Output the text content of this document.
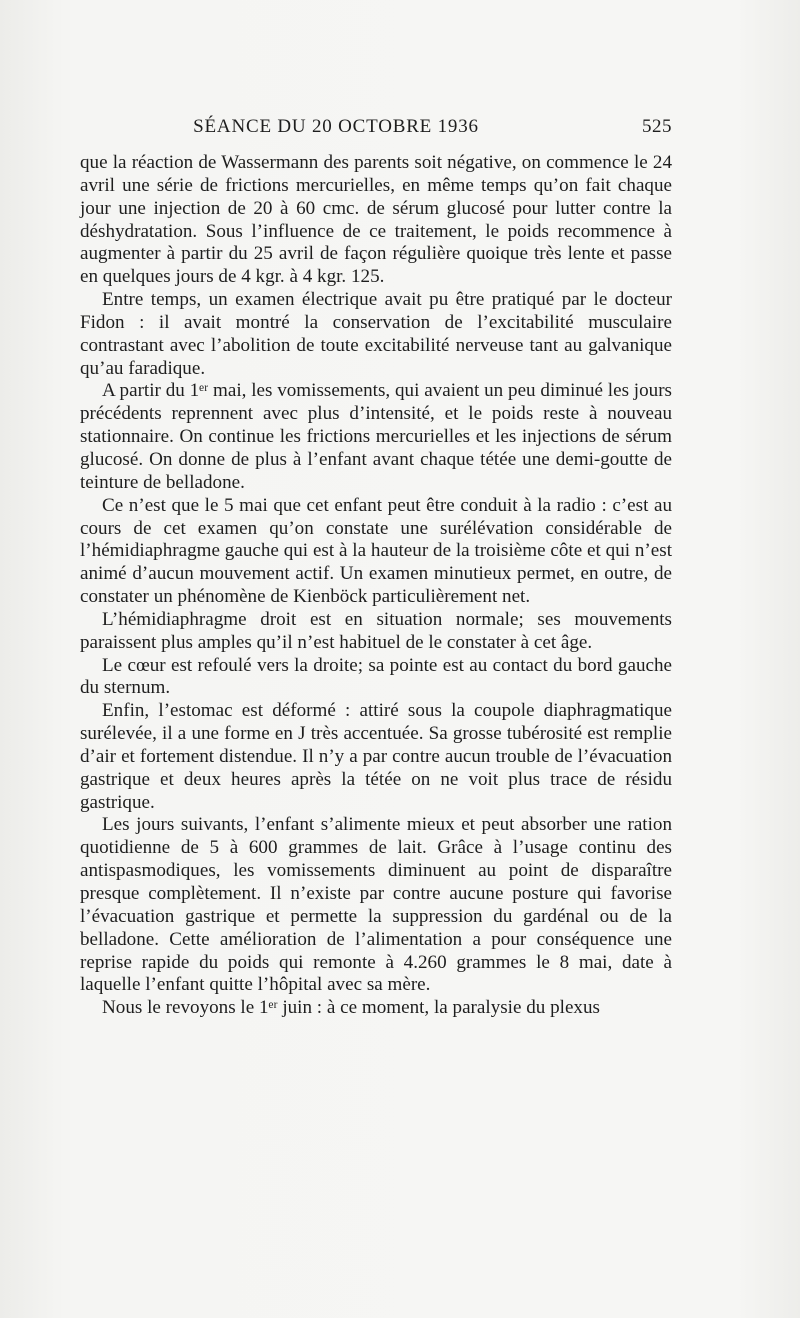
SÉANCE DU 20 OCTOBRE 1936	525

que la réaction de Wassermann des parents soit négative, on commence le 24 avril une série de frictions mercurielles, en même temps qu’on fait chaque jour une injection de 20 à 60 cmc. de sérum glucosé pour lutter contre la déshydratation. Sous l’influence de ce traitement, le poids recommence à augmenter à partir du 25 avril de façon régulière quoique très lente et passe en quelques jours de 4 kgr. à 4 kgr. 125.

Entre temps, un examen électrique avait pu être pratiqué par le docteur Fidon : il avait montré la conservation de l’excitabilité musculaire contrastant avec l’abolition de toute excitabilité nerveuse tant au galvanique qu’au faradique.

A partir du 1ᵉʳ mai, les vomissements, qui avaient un peu diminué les jours précédents reprennent avec plus d’intensité, et le poids reste à nouveau stationnaire. On continue les frictions mercurielles et les injections de sérum glucosé. On donne de plus à l’enfant avant chaque tétée une demi-goutte de teinture de belladone.

Ce n’est que le 5 mai que cet enfant peut être conduit à la radio : c’est au cours de cet examen qu’on constate une surélévation considérable de l’hémidiaphragme gauche qui est à la hauteur de la troisième côte et qui n’est animé d’aucun mouvement actif. Un examen minutieux permet, en outre, de constater un phénomène de Kienböck particulièrement net.

L’hémidiaphragme droit est en situation normale; ses mouvements paraissent plus amples qu’il n’est habituel de le constater à cet âge.

Le cœur est refoulé vers la droite; sa pointe est au contact du bord gauche du sternum.

Enfin, l’estomac est déformé : attiré sous la coupole diaphragmatique surélevée, il a une forme en J très accentuée. Sa grosse tubérosité est remplie d’air et fortement distendue. Il n’y a par contre aucun trouble de l’évacuation gastrique et deux heures après la tétée on ne voit plus trace de résidu gastrique.

Les jours suivants, l’enfant s’alimente mieux et peut absorber une ration quotidienne de 5 à 600 grammes de lait. Grâce à l’usage continu des antispasmodiques, les vomissements diminuent au point de disparaître presque complètement. Il n’existe par contre aucune posture qui favorise l’évacuation gastrique et permette la suppression du gardénal ou de la belladone. Cette amélioration de l’alimentation a pour conséquence une reprise rapide du poids qui remonte à 4.260 grammes le 8 mai, date à laquelle l’enfant quitte l’hôpital avec sa mère.

Nous le revoyons le 1ᵉʳ juin : à ce moment, la paralysie du plexus
